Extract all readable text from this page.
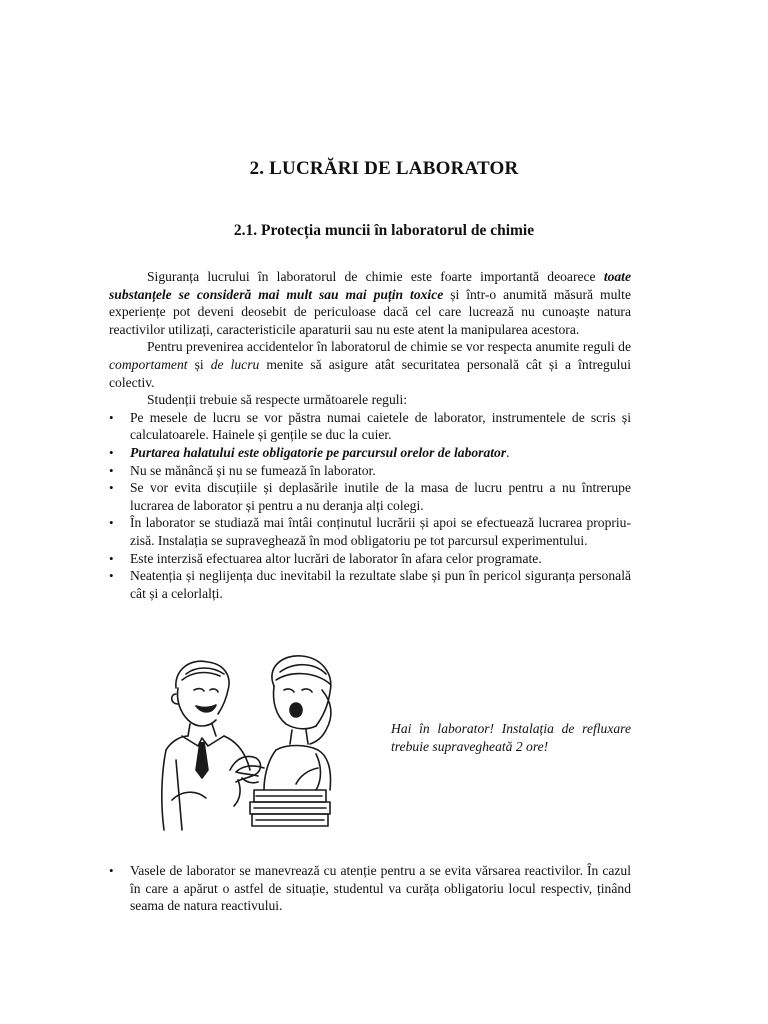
2. LUCRĂRI DE LABORATOR
2.1. Protecția muncii în laboratorul de chimie

Siguranța lucrului în laboratorul de chimie este foarte importantă deoarece toate substanțele se consideră mai mult sau mai puțin toxice și într-o anumită măsură multe experiențe pot deveni deosebit de periculoase dacă cel care lucrează nu cunoaște natura reactivilor utilizați, caracteristicile aparaturii sau nu este atent la manipularea acestora.

Pentru prevenirea accidentelor în laboratorul de chimie se vor respecta anumite reguli de comportament și de lucru menite să asigure atât securitatea personală cât și a întregului colectiv.

Studenții trebuie să respecte următoarele reguli:

•	Pe mesele de lucru se vor păstra numai caietele de laborator, instrumentele de scris și calculatoarele. Hainele și gențile se duc la cuier.
•	Purtarea halatului este obligatorie pe parcursul orelor de laborator.
•	Nu se mănâncă și nu se fumează în laborator.
•	Se vor evita discuțiile și deplasările inutile de la masa de lucru pentru a nu întrerupe lucrarea de laborator și pentru a nu deranja alți colegi.
•	În laborator se studiază mai întâi conținutul lucrării și apoi se efectuează lucrarea propriu-zisă. Instalația se supraveghează în mod obligatoriu pe tot parcursul experimentului.
•	Este interzisă efectuarea altor lucrări de laborator în afara celor programate.
•	Neatenția și neglijența duc inevitabil la rezultate slabe și pun în pericol siguranța personală cât și a celorlalți.
Hai în laborator! Instalația de refluxare trebuie supravegheată 2 ore!
•	Vasele de laborator se manevrează cu atenție pentru a se evita vărsarea reactivilor. În cazul în care a apărut o astfel de situație, studentul va curăța obligatoriu locul respectiv, ținând seama de natura reactivului.
